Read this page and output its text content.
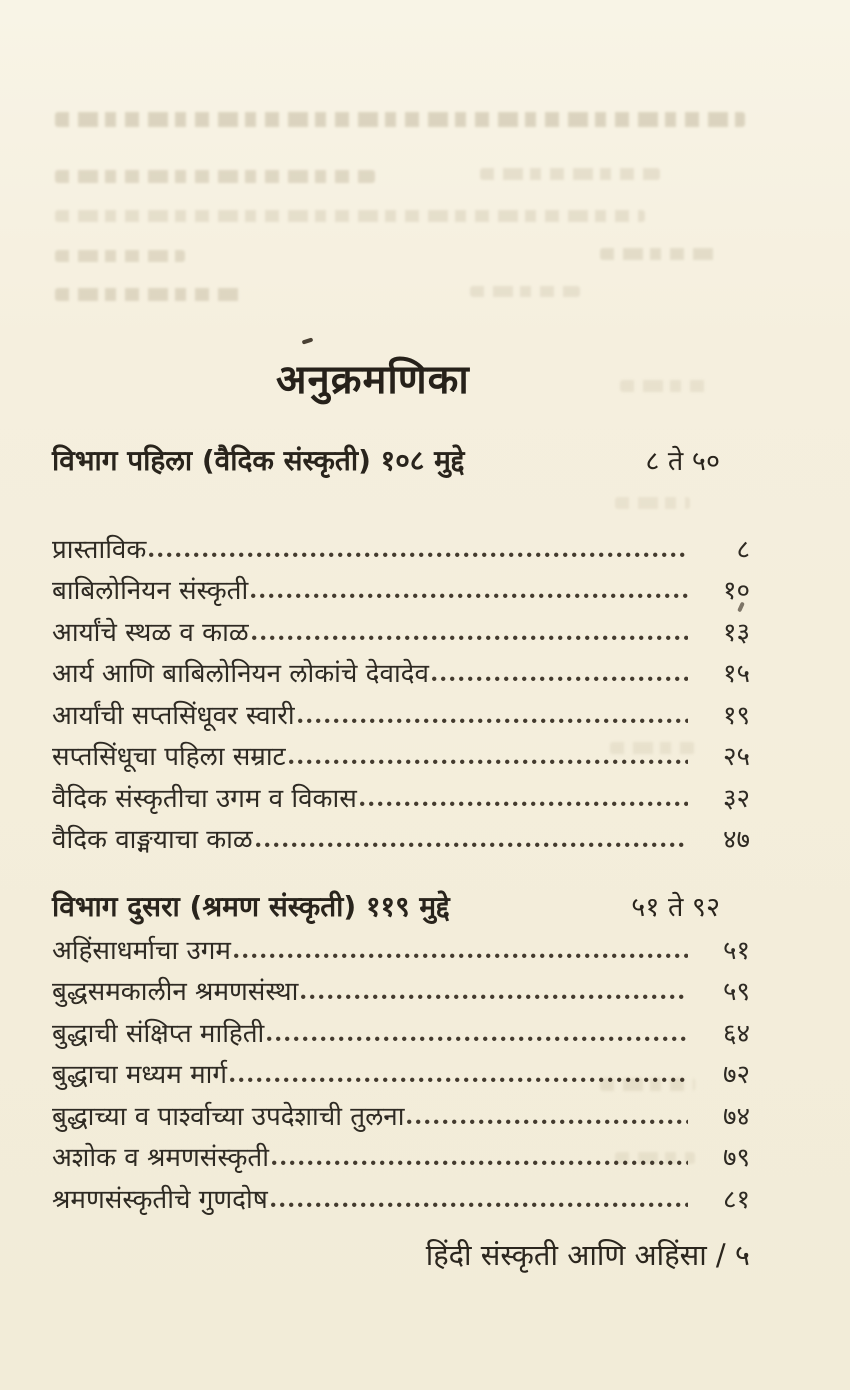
अनुक्रमणिका
विभाग पहिला (वैदिक संस्कृती) १०८ मुद्दे	८ ते ५०
प्रास्ताविक	८
बाबिलोनियन संस्कृती	१०
आर्यांचे स्थळ व काळ	१३
आर्य आणि बाबिलोनियन लोकांचे देवादेव	१५
आर्यांची सप्तसिंधूवर स्वारी	१९
सप्तसिंधूचा पहिला सम्राट	२५
वैदिक संस्कृतीचा उगम व विकास	३२
वैदिक वाङ्मयाचा काळ	४७
विभाग दुसरा (श्रमण संस्कृती) ११९ मुद्दे	५१ ते ९२
अहिंसाधर्माचा उगम	५१
बुद्धसमकालीन श्रमणसंस्था	५९
बुद्धाची संक्षिप्त माहिती	६४
बुद्धाचा मध्यम मार्ग	७२
बुद्धाच्या व पार्श्वाच्या उपदेशाची तुलना	७४
अशोक व श्रमणसंस्कृती	७९
श्रमणसंस्कृतीचे गुणदोष	८१
हिंदी संस्कृती आणि अहिंसा / ५
